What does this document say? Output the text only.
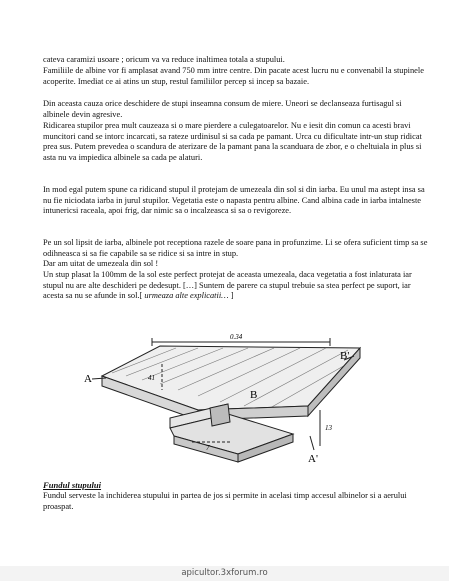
cateva caramizi usoare ; oricum va va reduce inaltimea totala a stupului.

Familiile de albine vor fi amplasat avand 750 mm intre centre. Din pacate acest lucru nu e convenabil la stupinele acoperite. Imediat ce ai atins un stup, restul familiilor percep si incep sa bazaie.

Din aceasta cauza orice deschidere de stupi inseamna consum de miere. Uneori se declanseaza furtisagul si albinele devin agresive.

Ridicarea stupilor prea mult cauzeaza si o mare pierdere a culegatoarelor. Nu e iesit din comun ca acesti bravi muncitori cand se intorc incarcati, sa rateze urdinisul si sa cada pe pamant. Urca cu dificultate intr-un stup ridicat prea sus. Putem prevedea o scandura de aterizare de la pamant pana la scanduara de zbor, e o cheltuiala in plus si asta nu va impiedica albinele sa cada pe alaturi.

In mod egal putem spune ca ridicand stupul il protejam de umezeala din sol si din iarba. Eu unul ma astept insa sa nu fie niciodata iarba in jurul stupilor. Vegetatia este o napasta pentru albine. Cand albina cade in iarba intalneste intunericsi raceala, apoi frig, dar nimic sa o incalzeasca si sa o revigoreze.

Pe un sol lipsit de iarba, albinele pot receptiona razele de soare pana in profunzime. Li se ofera suficient timp sa se odihneasca si sa fie capabile sa se ridice si sa intre in stup.

Dar am uitat de umezeala din sol !

Un stup plasat la 100mm de la sol este perfect protejat de aceasta umezeala, daca vegetatia a fost inlaturata iar stupul nu are alte deschideri pe dedesupt. […] Suntem de parere ca stupul trebuie sa stea perfect pe suport, iar acesta sa nu se afunde in sol.[ urmeaza alte explicatii… ]

A
B
B'
A'
0.34
41
13
7

Fundul stupului

Fundul serveste la inchiderea stupului in partea de jos si permite in acelasi timp accesul albinelor si a aerului proaspat.

apicultor.3xforum.ro
